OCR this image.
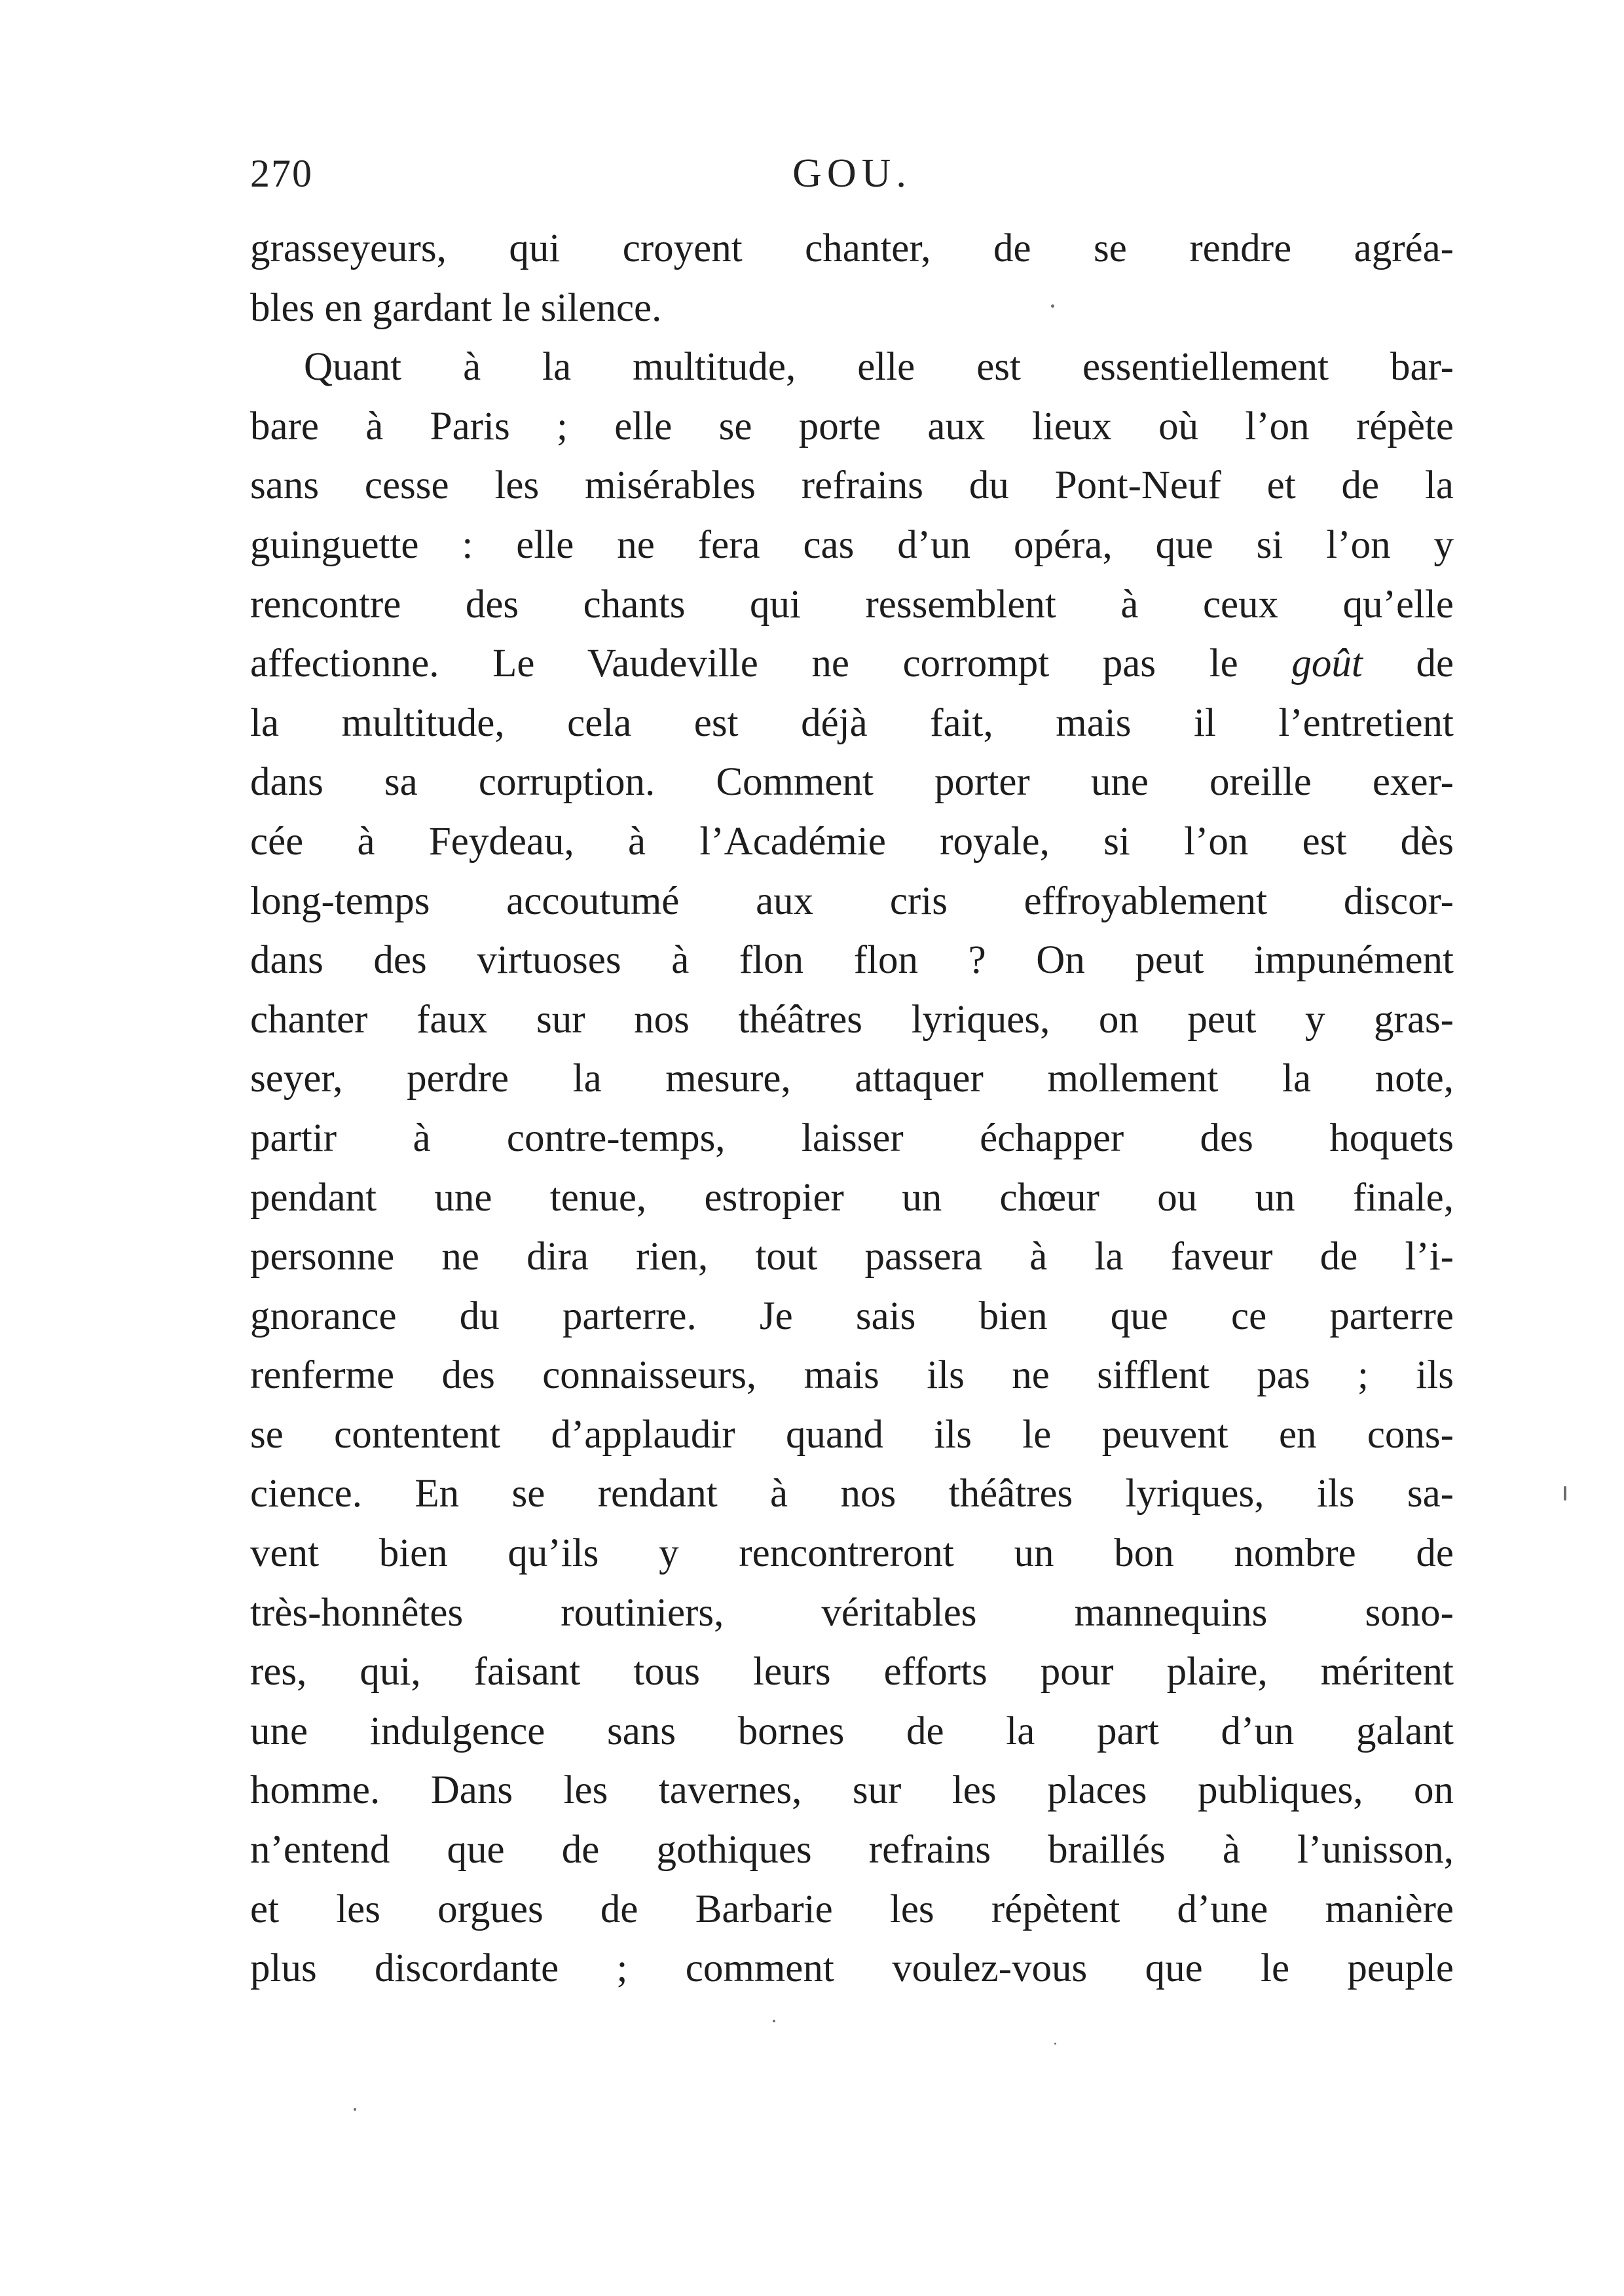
270	GOU.
grasseyeurs, qui croyent chanter, de se rendre agréa-
bles en gardant le silence.
Quant à la multitude, elle est essentiellement bar-
bare à Paris ; elle se porte aux lieux où l’on répète
sans cesse les misérables refrains du Pont-Neuf et de la
guinguette : elle ne fera cas d’un opéra, que si l’on y
rencontre des chants qui ressemblent à ceux qu’elle
affectionne. Le Vaudeville ne corrompt pas le goût de
la multitude, cela est déjà fait, mais il l’entretient
dans sa corruption. Comment porter une oreille exer-
cée à Feydeau, à l’Académie royale, si l’on est dès
long-temps accoutumé aux cris effroyablement discor-
dans des virtuoses à flon flon ? On peut impunément
chanter faux sur nos théâtres lyriques, on peut y gras-
seyer, perdre la mesure, attaquer mollement la note,
partir à contre-temps, laisser échapper des hoquets
pendant une tenue, estropier un chœur ou un finale,
personne ne dira rien, tout passera à la faveur de l’i-
gnorance du parterre. Je sais bien que ce parterre
renferme des connaisseurs, mais ils ne sifflent pas ; ils
se contentent d’applaudir quand ils le peuvent en cons-
cience. En se rendant à nos théâtres lyriques, ils sa-
vent bien qu’ils y rencontreront un bon nombre de
très-honnêtes routiniers, véritables mannequins sono-
res, qui, faisant tous leurs efforts pour plaire, méritent
une indulgence sans bornes de la part d’un galant
homme. Dans les tavernes, sur les places publiques, on
n’entend que de gothiques refrains braillés à l’unisson,
et les orgues de Barbarie les répètent d’une manière
plus discordante ; comment voulez-vous que le peuple
